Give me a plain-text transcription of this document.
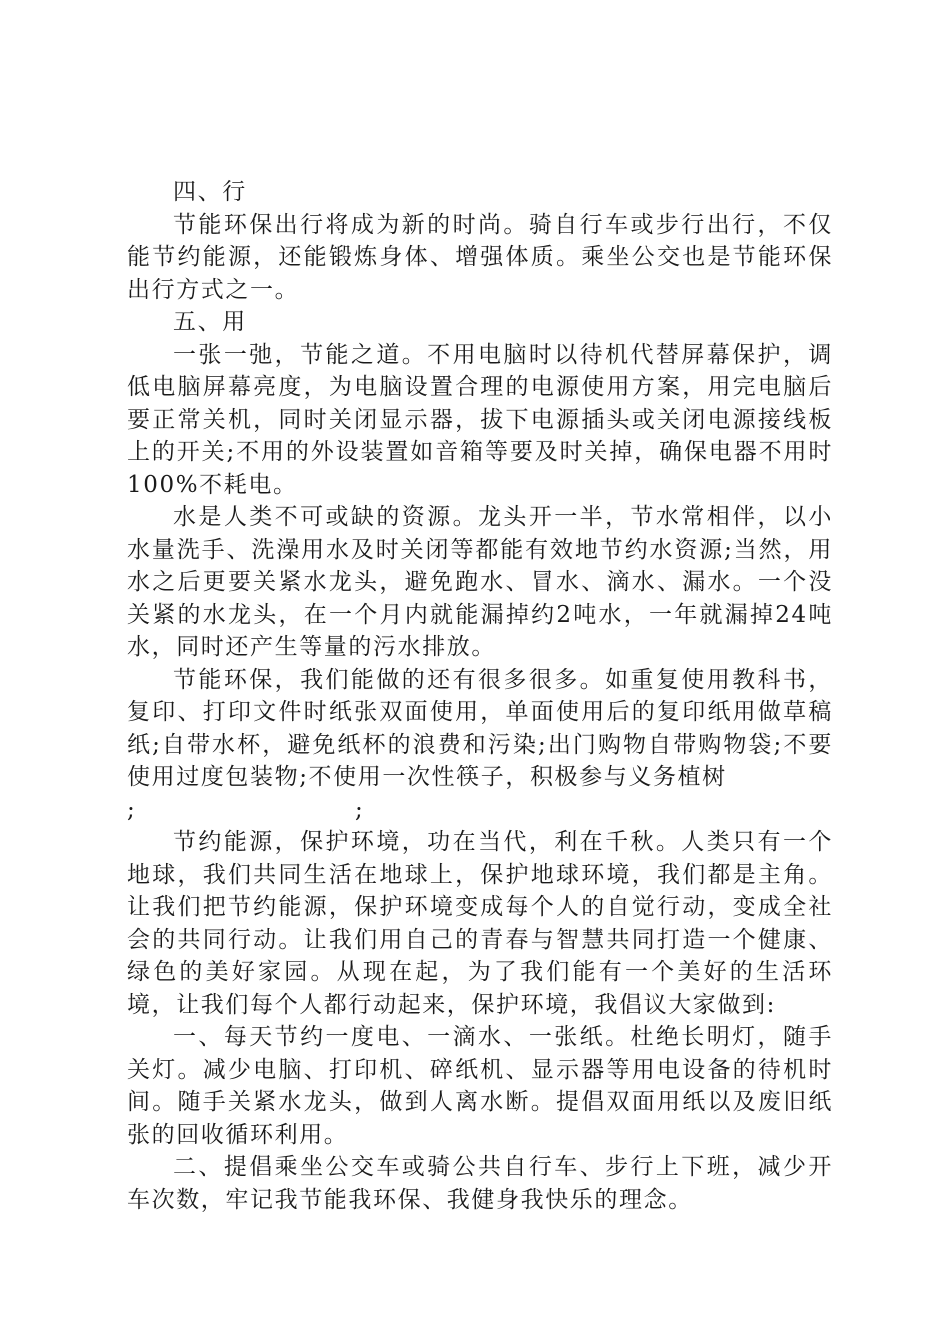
四、行

节能环保出行将成为新的时尚。骑自行车或步行出行，不仅能节约能源，还能锻炼身体、增强体质。乘坐公交也是节能环保出行方式之一。

五、用

一张一弛，节能之道。不用电脑时以待机代替屏幕保护，调低电脑屏幕亮度，为电脑设置合理的电源使用方案，用完电脑后要正常关机，同时关闭显示器，拔下电源插头或关闭电源接线板上的开关;不用的外设装置如音箱等要及时关掉，确保电器不用时100%不耗电。

水是人类不可或缺的资源。龙头开一半，节水常相伴，以小水量洗手、洗澡用水及时关闭等都能有效地节约水资源;当然，用水之后更要关紧水龙头，避免跑水、冒水、滴水、漏水。一个没关紧的水龙头，在一个月内就能漏掉约2吨水，一年就漏掉24吨水，同时还产生等量的污水排放。

节能环保，我们能做的还有很多很多。如重复使用教科书，复印、打印文件时纸张双面使用，单面使用后的复印纸用做草稿纸;自带水杯，避免纸杯的浪费和污染;出门购物自带购物袋;不要使用过度包装物;不使用一次性筷子，积极参与义务植树

;	;

节约能源，保护环境，功在当代，利在千秋。人类只有一个地球，我们共同生活在地球上，保护地球环境，我们都是主角。让我们把节约能源，保护环境变成每个人的自觉行动，变成全社会的共同行动。让我们用自己的青春与智慧共同打造一个健康、绿色的美好家园。从现在起，为了我们能有一个美好的生活环境，让我们每个人都行动起来，保护环境，我倡议大家做到:

一、每天节约一度电、一滴水、一张纸。杜绝长明灯，随手关灯。减少电脑、打印机、碎纸机、显示器等用电设备的待机时间。随手关紧水龙头，做到人离水断。提倡双面用纸以及废旧纸张的回收循环利用。

二、提倡乘坐公交车或骑公共自行车、步行上下班，减少开车次数，牢记我节能我环保、我健身我快乐的理念。
